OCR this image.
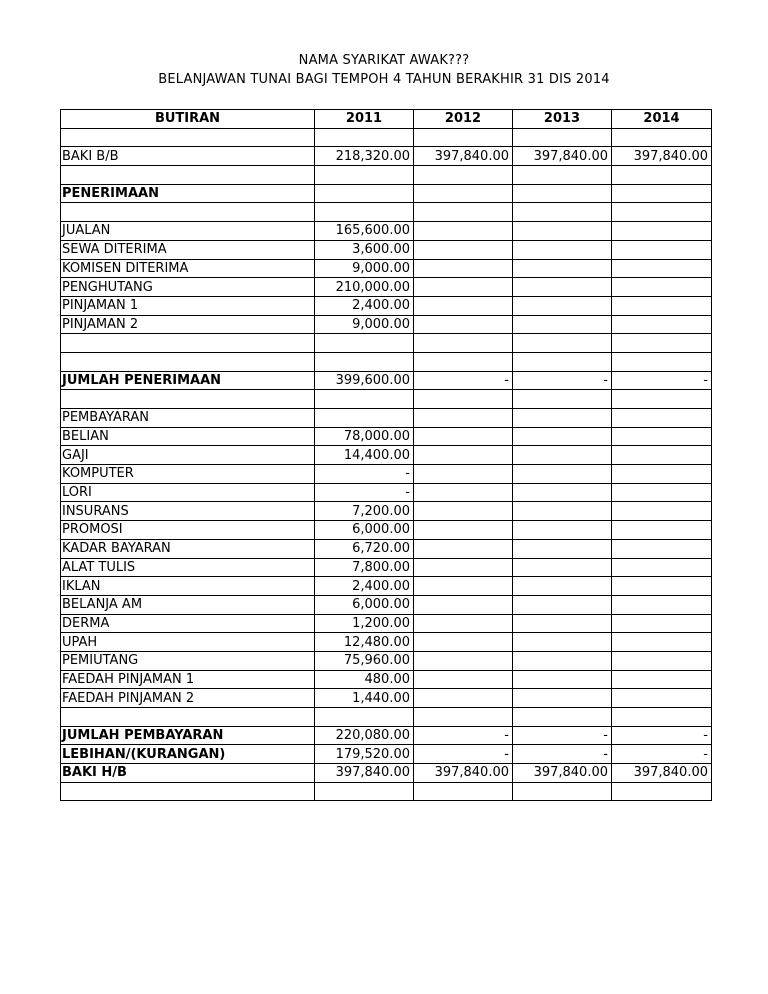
NAMA SYARIKAT AWAK???
BELANJAWAN TUNAI BAGI TEMPOH 4 TAHUN BERAKHIR 31 DIS 2014
BUTIRAN	2011	2012	2013	2014

BAKI B/B	218,320.00	397,840.00	397,840.00	397,840.00

PENERIMAAN				

JUALAN	165,600.00			
SEWA DITERIMA	3,600.00			
KOMISEN DITERIMA	9,000.00			
PENGHUTANG	210,000.00			
PINJAMAN 1	2,400.00			
PINJAMAN 2	9,000.00			

JUMLAH PENERIMAAN	399,600.00	-	-	-

PEMBAYARAN				
BELIAN	78,000.00			
GAJI	14,400.00			
KOMPUTER	-			
LORI	-			
INSURANS	7,200.00			
PROMOSI	6,000.00			
KADAR BAYARAN	6,720.00			
ALAT TULIS	7,800.00			
IKLAN	2,400.00			
BELANJA AM	6,000.00			
DERMA	1,200.00			
UPAH	12,480.00			
PEMIUTANG	75,960.00			
FAEDAH PINJAMAN 1	480.00			
FAEDAH PINJAMAN 2	1,440.00			

JUMLAH PEMBAYARAN	220,080.00	-	-	-
LEBIHAN/(KURANGAN)	179,520.00	-	-	-
BAKI H/B	397,840.00	397,840.00	397,840.00	397,840.00
